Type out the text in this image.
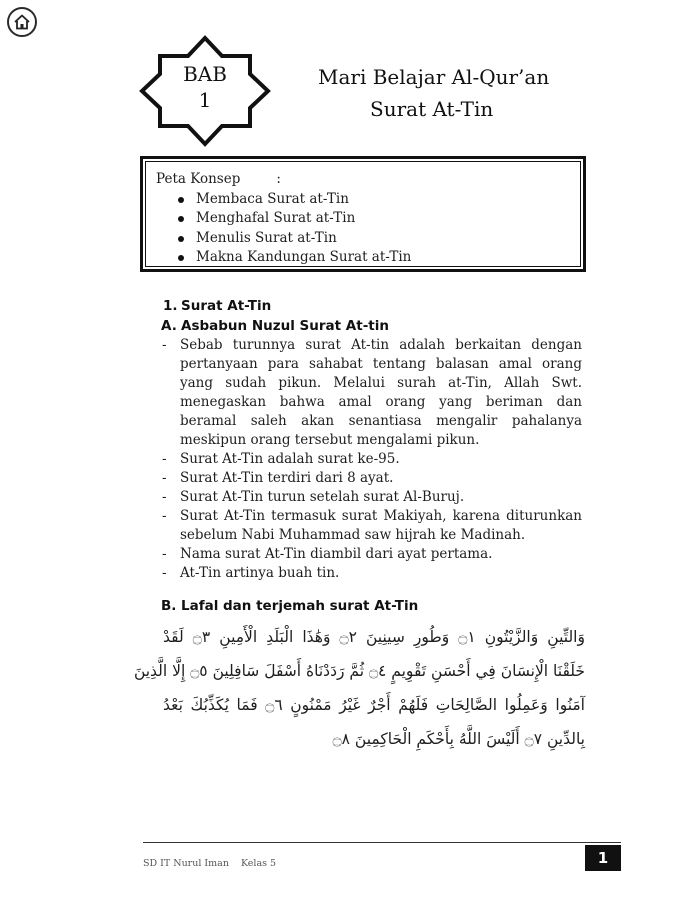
BAB
1
Mari Belajar Al-Qur’an
Surat At-Tin
Peta Konsep	:
Membaca Surat at-Tin
Menghafal Surat at-Tin
Menulis Surat at-Tin
Makna Kandungan Surat at-Tin
1. Surat At-Tin
A. Asbabun Nuzul Surat At-tin
- Sebab turunnya surat At-tin adalah berkaitan dengan pertanyaan para sahabat tentang balasan amal orang yang sudah pikun. Melalui surah at-Tin, Allah Swt. menegaskan bahwa amal orang yang beriman dan beramal saleh akan senantiasa mengalir pahalanya meskipun orang tersebut mengalami pikun.
- Surat At-Tin adalah surat ke-95.
- Surat At-Tin terdiri dari 8 ayat.
- Surat At-Tin turun setelah surat Al-Buruj.
- Surat At-Tin termasuk surat Makiyah, karena diturunkan sebelum Nabi Muhammad saw hijrah ke Madinah.
- Nama surat At-Tin diambil dari ayat pertama.
- At-Tin artinya buah tin.
B. Lafal dan terjemah surat At-Tin
وَالتِّينِ وَالزَّيْتُونِ ۝١ وَطُورِ سِينِينَ ۝٢ وَهَٰذَا الْبَلَدِ الْأَمِينِ ۝٣ لَقَدْ
خَلَقْنَا الْإِنسَانَ فِي أَحْسَنِ تَقْوِيمٍ ۝٤ ثُمَّ رَدَدْنَاهُ أَسْفَلَ سَافِلِينَ ۝٥ إِلَّا الَّذِينَ
آمَنُوا وَعَمِلُوا الصَّالِحَاتِ فَلَهُمْ أَجْرٌ غَيْرُ مَمْنُونٍ ۝٦ فَمَا يُكَذِّبُكَ بَعْدُ
بِالدِّينِ ۝٧ أَلَيْسَ اللَّهُ بِأَحْكَمِ الْحَاكِمِينَ ۝٨
SD IT Nurul Iman Kelas 5	1
